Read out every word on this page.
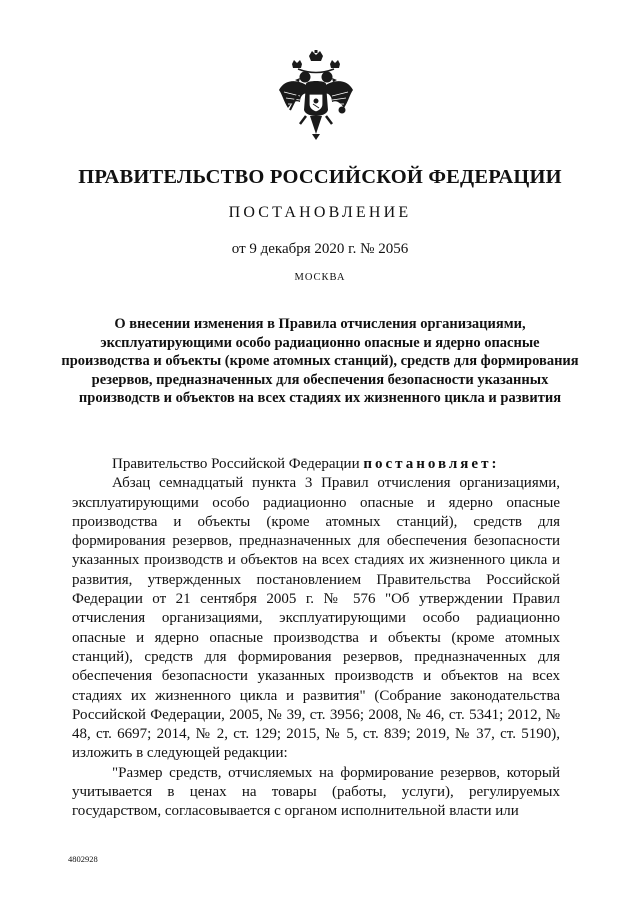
ПРАВИТЕЛЬСТВО РОССИЙСКОЙ ФЕДЕРАЦИИ
ПОСТАНОВЛЕНИЕ
от 9 декабря 2020 г. № 2056
МОСКВА
О внесении изменения в Правила отчисления организациями, эксплуатирующими особо радиационно опасные и ядерно опасные производства и объекты (кроме атомных станций), средств для формирования резервов, предназначенных для обеспечения безопасности указанных производств и объектов на всех стадиях их жизненного цикла и развития

Правительство Российской Федерации постановляет:

Абзац семнадцатый пункта 3 Правил отчисления организациями, эксплуатирующими особо радиационно опасные и ядерно опасные производства и объекты (кроме атомных станций), средств для формирования резервов, предназначенных для обеспечения безопасности указанных производств и объектов на всех стадиях их жизненного цикла и развития, утвержденных постановлением Правительства Российской Федерации от 21 сентября 2005 г. № 576 "Об утверждении Правил отчисления организациями, эксплуатирующими особо радиационно опасные и ядерно опасные производства и объекты (кроме атомных станций), средств для формирования резервов, предназначенных для обеспечения безопасности указанных производств и объектов на всех стадиях их жизненного цикла и развития" (Собрание законодательства Российской Федерации, 2005, № 39, ст. 3956; 2008, № 46, ст. 5341; 2012, № 48, ст. 6697; 2014, № 2, ст. 129; 2015, № 5, ст. 839; 2019, № 37, ст. 5190), изложить в следующей редакции:

"Размер средств, отчисляемых на формирование резервов, который учитывается в ценах на товары (работы, услуги), регулируемых государством, согласовывается с органом исполнительной власти или

4802928
